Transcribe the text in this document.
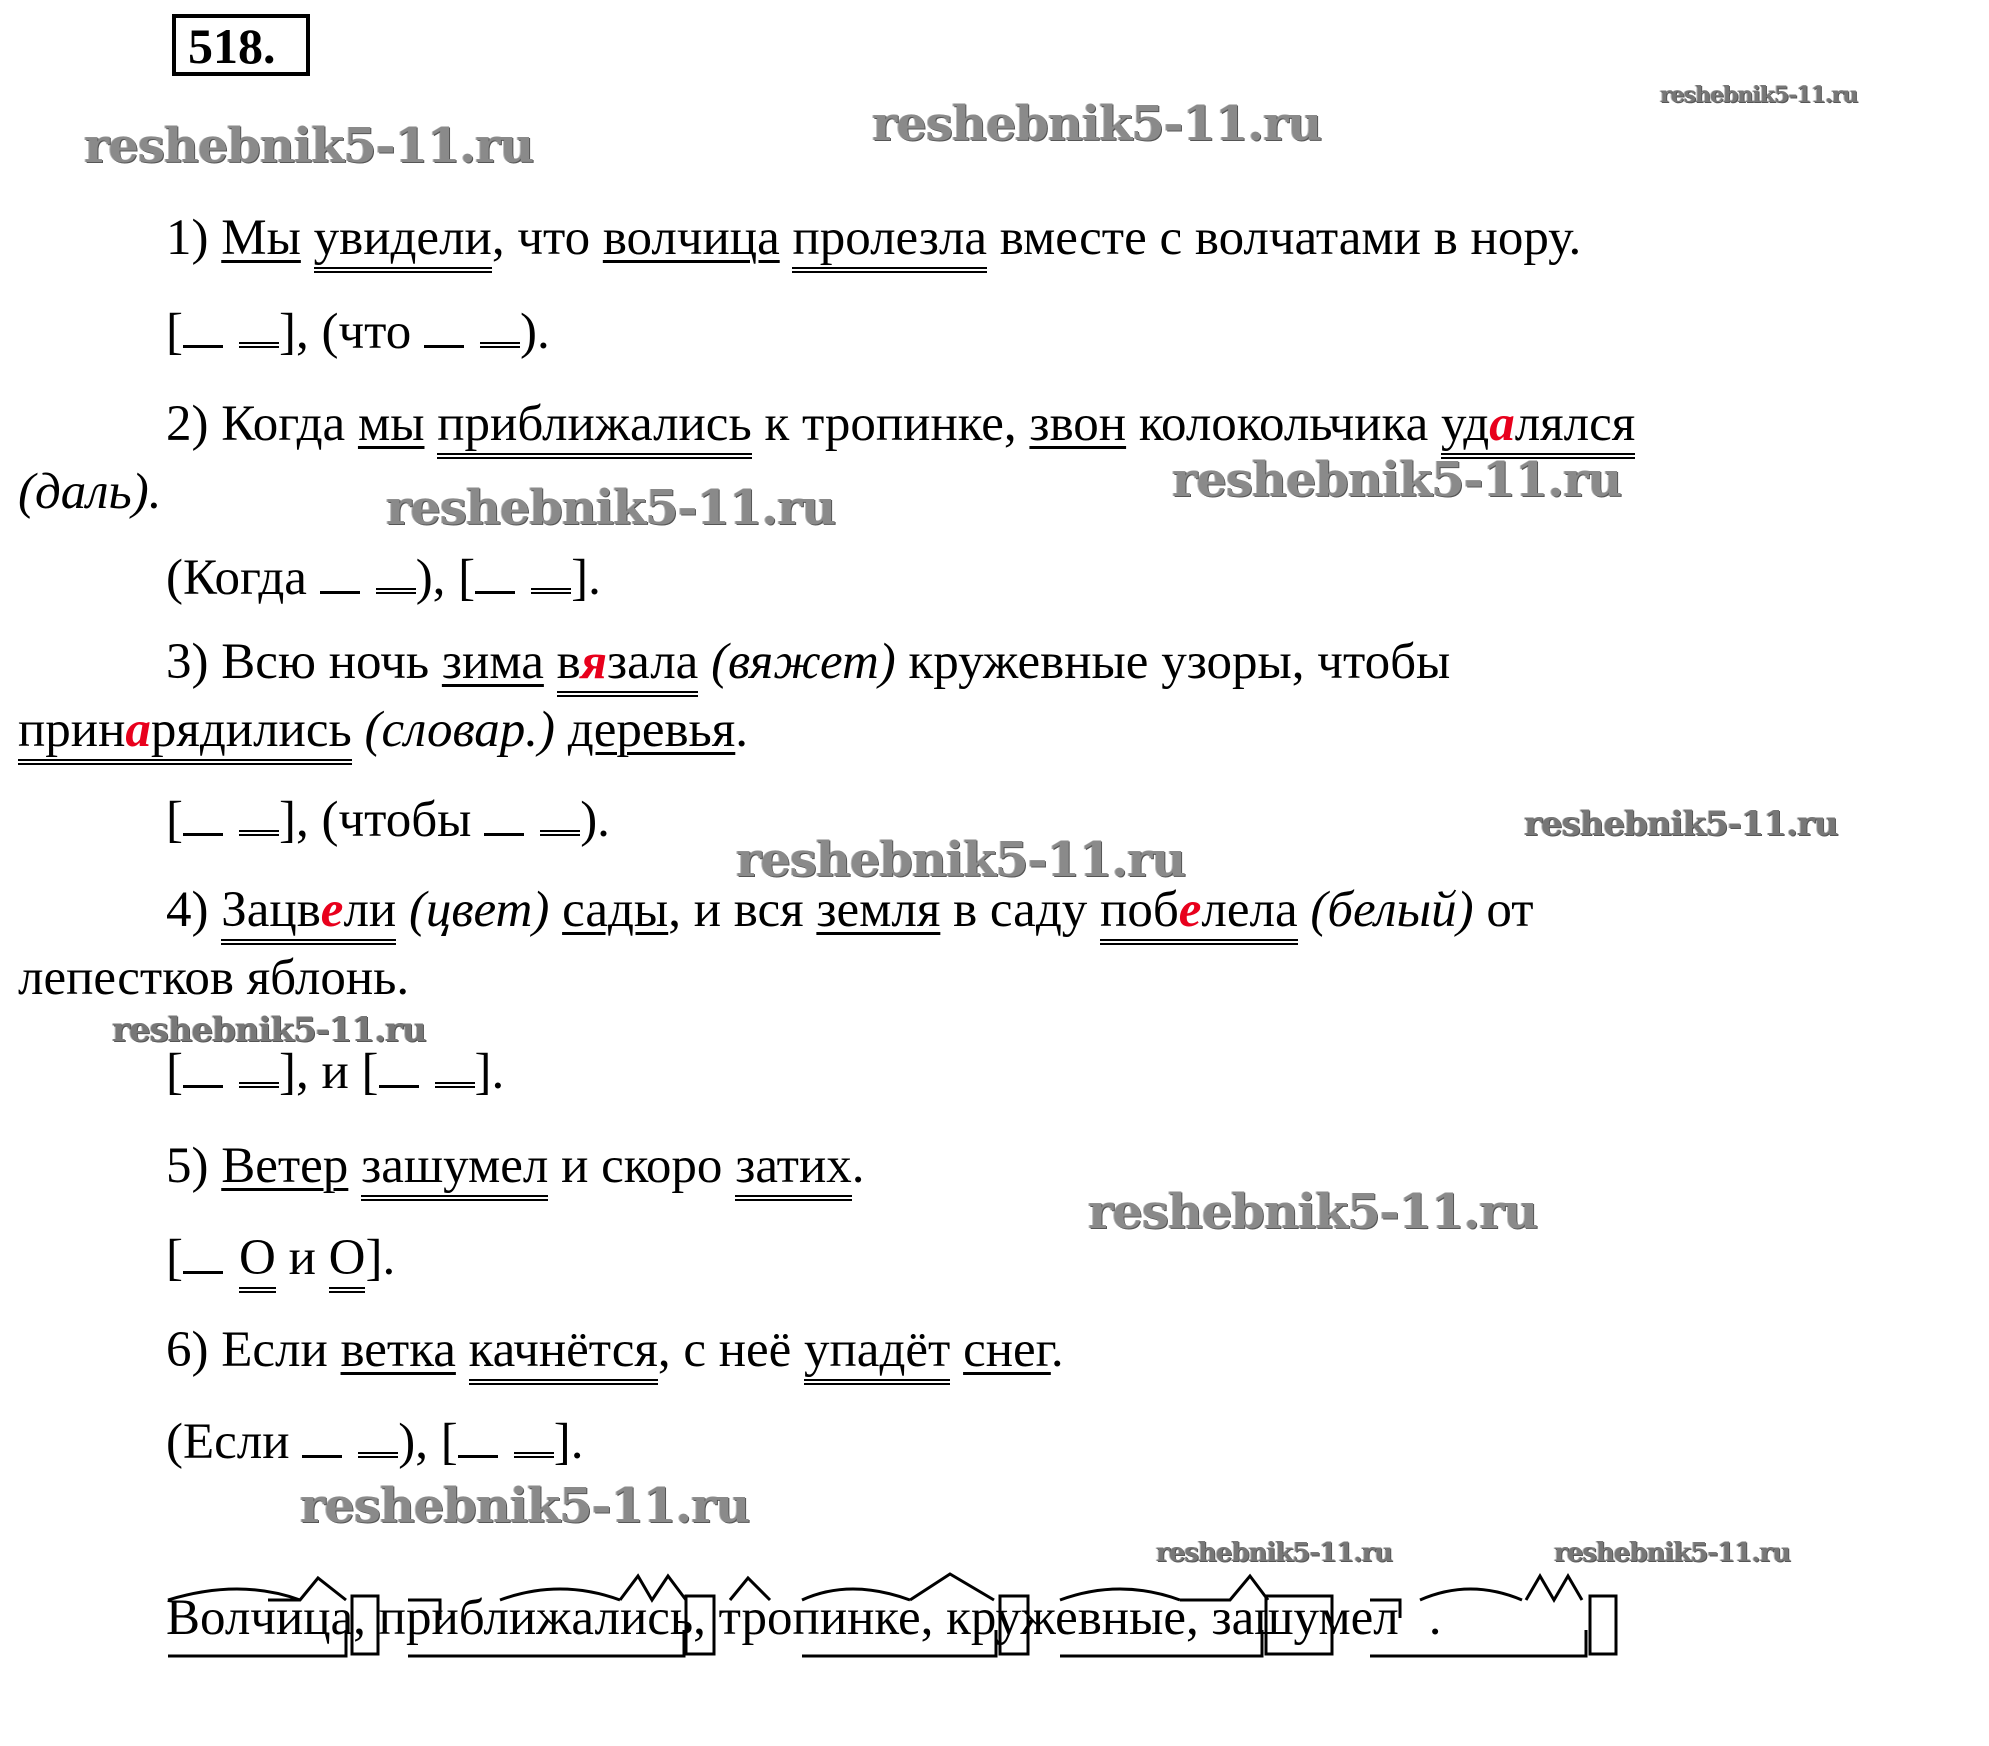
518.
reshebnik5-11.ru	reshebnik5-11.ru
reshebnik5-11.ru
reshebnik5-11.ru	reshebnik5-11.ru
reshebnik5-11.ru
reshebnik5-11.ru
reshebnik5-11.ru
reshebnik5-11.ru
reshebnik5-11.ru
reshebnik5-11.ru	reshebnik5-11.ru
1) Мы увидели, что волчица пролезла вместе с волчатами в нору.
[ ], (что ).
2) Когда мы приближались к тропинке, звон колокольчика удалялся
(даль).
(Когда ), [ ].
3) Всю ночь зима вязала (вяжет) кружевные узоры, чтобы
принарядились (словар.) деревья.
[ ], (чтобы ).
4) Зацвели (цвет) сады, и вся земля в саду побелела (белый) от
лепестков яблонь.
[ ], и [ ].
5) Ветер зашумел и скоро затих.
[ О и О].
6) Если ветка качнётся, с неё упадёт снег.
(Если ), [ ].
Волчица, приближались, тропинке, кружевные, зашумел .
